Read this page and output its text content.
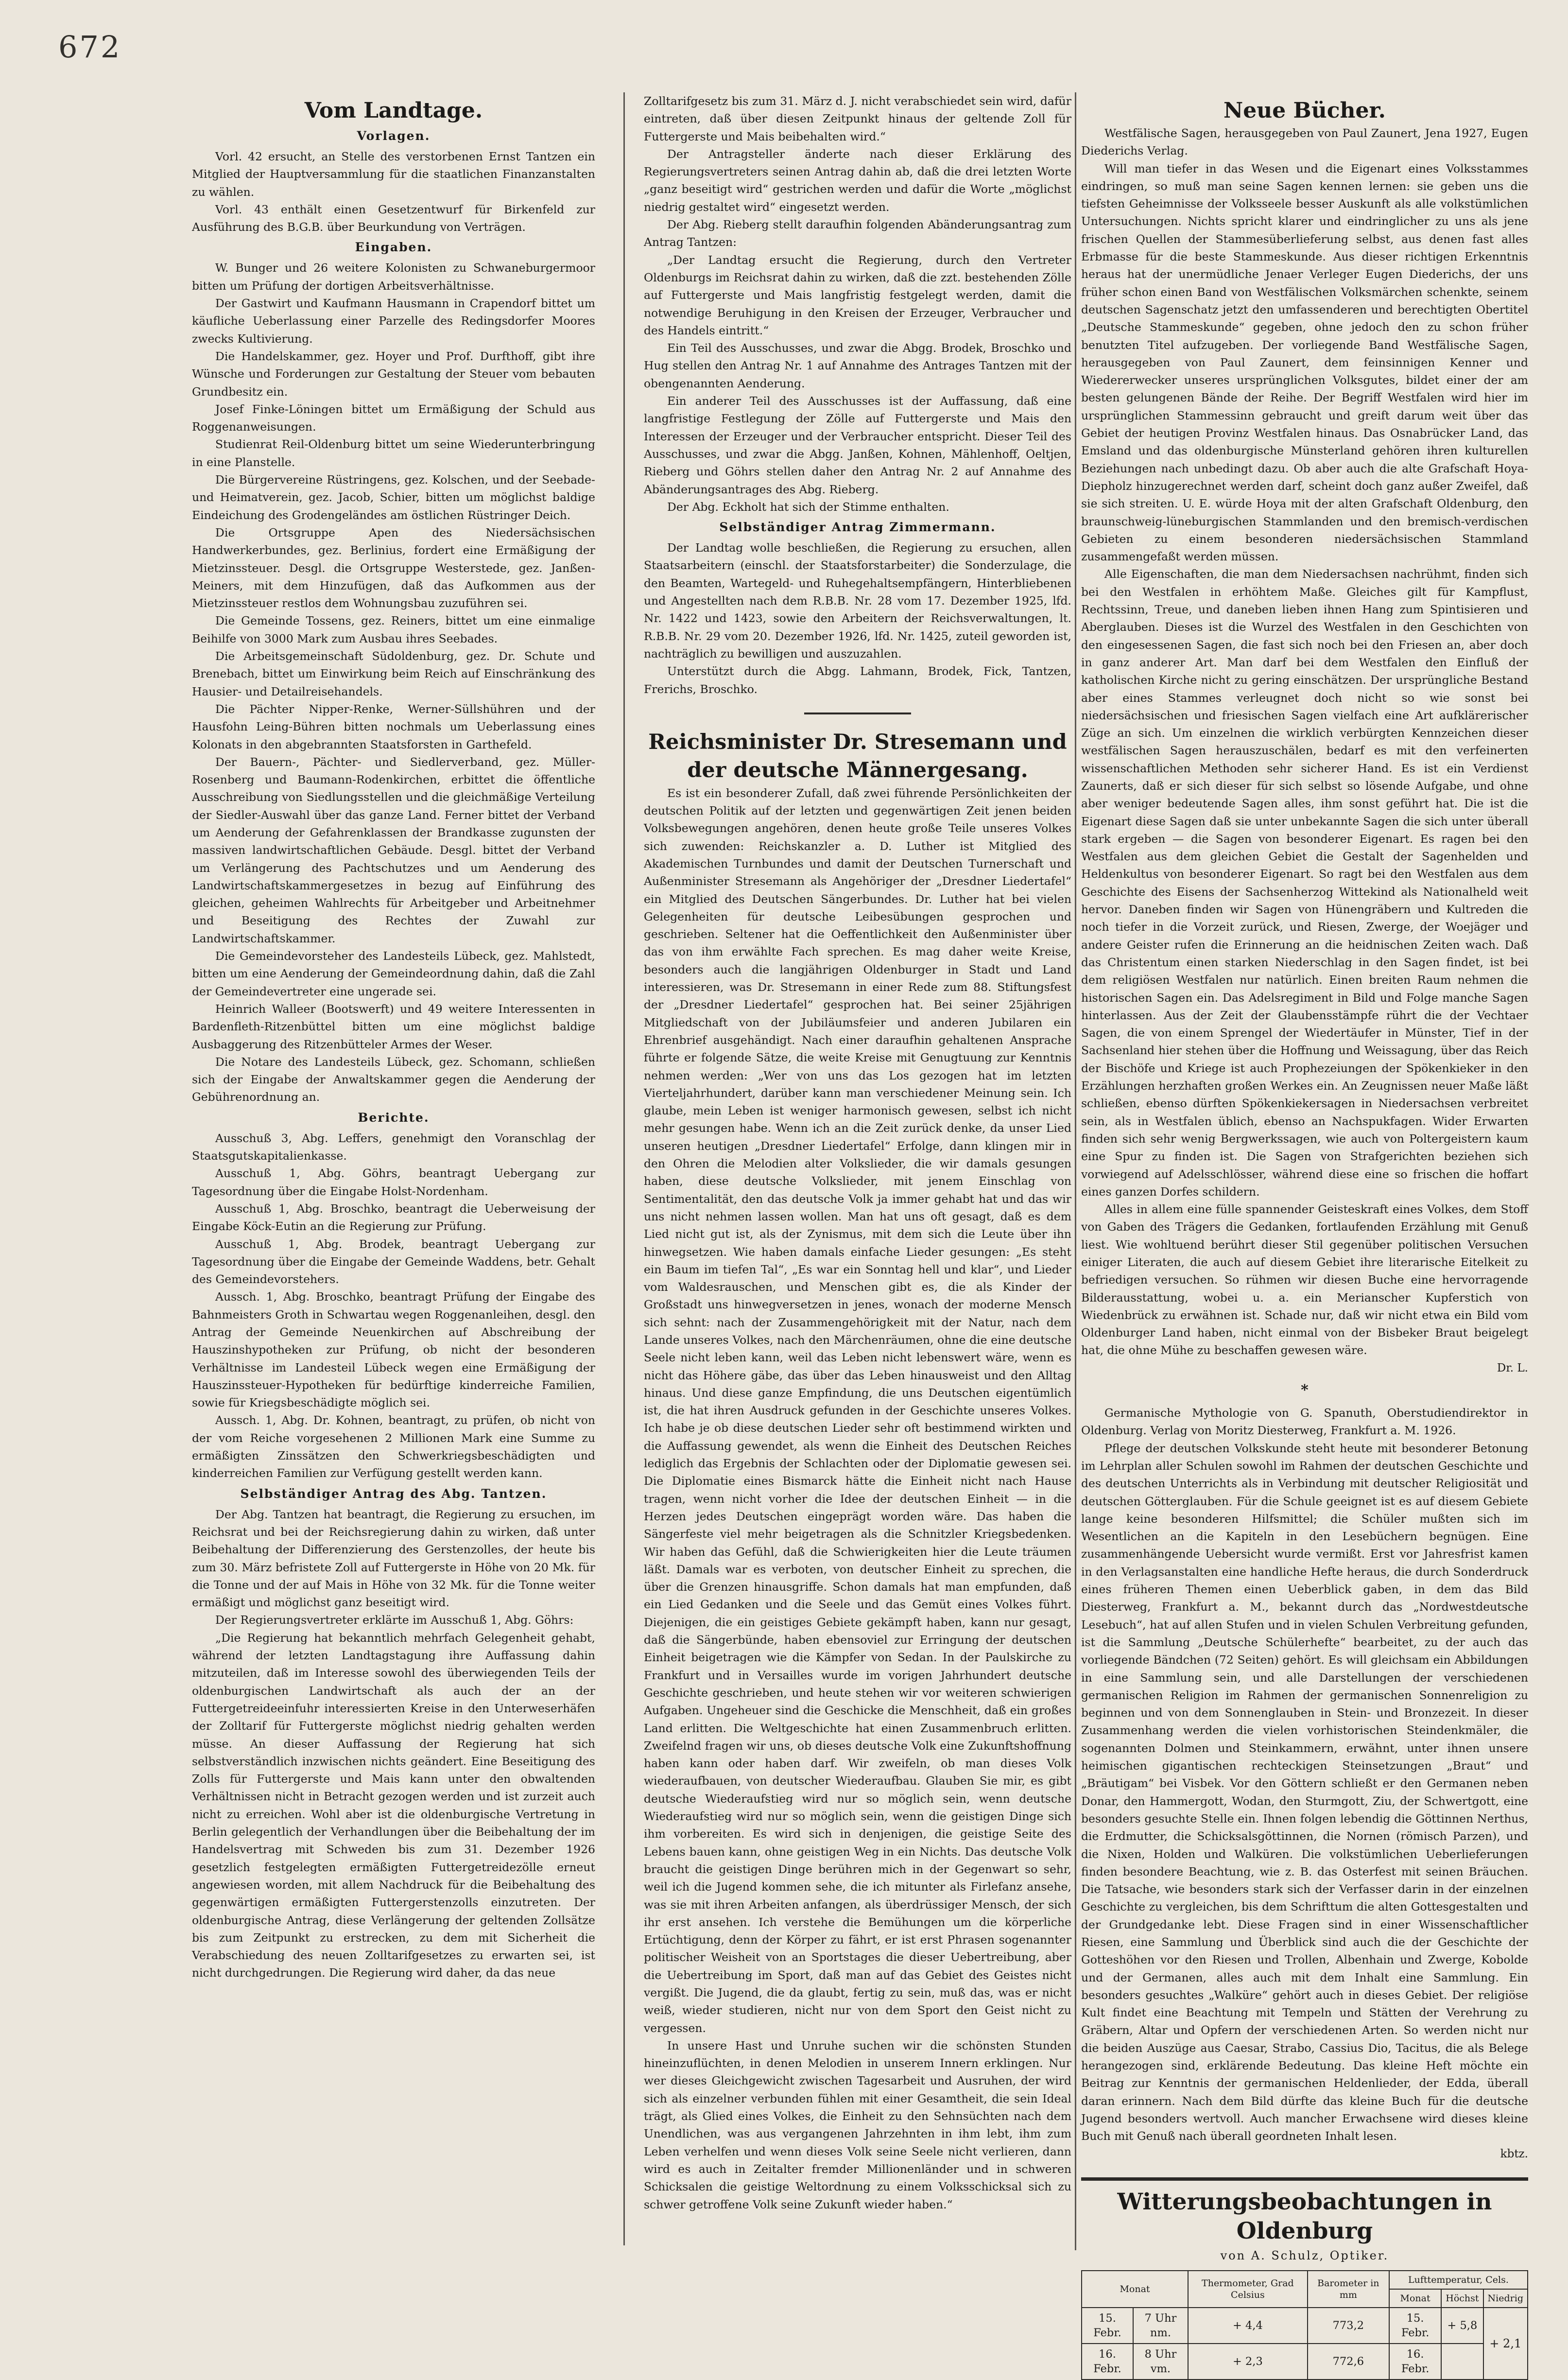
672
Vom Landtage.
Vorlagen.

Vorl. 42 ersucht, an Stelle des verstorbenen Ernst Tantzen ein Mitglied der Hauptversammlung für die staatlichen Finanzanstalten zu wählen.

Vorl. 43 enthält einen Gesetzentwurf für Birkenfeld zur Ausführung des B.G.B. über Beurkundung von Verträgen.

Eingaben.

W. Bunger und 26 weitere Kolonisten zu Schwaneburgermoor bitten um Prüfung der dortigen Arbeitsverhältnisse.

Der Gastwirt und Kaufmann Hausmann in Crapendorf bittet um käufliche Ueberlassung einer Parzelle des Redingsdorfer Moores zwecks Kultivierung.

Die Handelskammer, gez. Hoyer und Prof. Durfthoff, gibt ihre Wünsche und Forderungen zur Gestaltung der Steuer vom bebauten Grundbesitz ein.

Josef Finke-Löningen bittet um Ermäßigung der Schuld aus Roggenanweisungen.

Studienrat Reil-Oldenburg bittet um seine Wiederunterbringung in eine Planstelle.

Die Bürgervereine Rüstringens, gez. Kolschen, und der Seebade- und Heimatverein, gez. Jacob, Schier, bitten um möglichst baldige Eindeichung des Grodengeländes am östlichen Rüstringer Deich.

Die Ortsgruppe Apen des Niedersächsischen Handwerkerbundes, gez. Berlinius, fordert eine Ermäßigung der Mietzinssteuer. Desgl. die Ortsgruppe Westerstede, gez. Janßen-Meiners, mit dem Hinzufügen, daß das Aufkommen aus der Mietzinssteuer restlos dem Wohnungsbau zuzuführen sei.

Die Gemeinde Tossens, gez. Reiners, bittet um eine einmalige Beihilfe von 3000 Mark zum Ausbau ihres Seebades.

Die Arbeitsgemeinschaft Südoldenburg, gez. Dr. Schute und Brenebach, bittet um Einwirkung beim Reich auf Einschränkung des Hausier- und Detailreisehandels.

Die Pächter Nipper-Renke, Werner-Süllshühren und der Hausfohn Leing-Bühren bitten nochmals um Ueberlassung eines Kolonats in den abgebrannten Staatsforsten in Garthefeld.

Der Bauern-, Pächter- und Siedlerverband, gez. Müller-Rosenberg und Baumann-Rodenkirchen, erbittet die öffentliche Ausschreibung von Siedlungsstellen und die gleichmäßige Verteilung der Siedler-Auswahl über das ganze Land. Ferner bittet der Verband um Aenderung der Gefahrenklassen der Brandkasse zugunsten der massiven landwirtschaftlichen Gebäude. Desgl. bittet der Verband um Verlängerung des Pachtschutzes und um Aenderung des Landwirtschaftskammergesetzes in bezug auf Einführung des gleichen, geheimen Wahlrechts für Arbeitgeber und Arbeitnehmer und Beseitigung des Rechtes der Zuwahl zur Landwirtschaftskammer.

Die Gemeindevorsteher des Landesteils Lübeck, gez. Mahlstedt, bitten um eine Aenderung der Gemeindeordnung dahin, daß die Zahl der Gemeindevertreter eine ungerade sei.

Heinrich Walleer (Bootswerft) und 49 weitere Interessenten in Bardenfleth-Ritzenbüttel bitten um eine möglichst baldige Ausbaggerung des Ritzenbütteler Armes der Weser.

Die Notare des Landesteils Lübeck, gez. Schomann, schließen sich der Eingabe der Anwaltskammer gegen die Aenderung der Gebührenordnung an.

Berichte.

Ausschuß 3, Abg. Leffers, genehmigt den Voranschlag der Staatsgutskapitalienkasse.

Ausschuß 1, Abg. Göhrs, beantragt Uebergang zur Tagesordnung über die Eingabe Holst-Nordenham.

Ausschuß 1, Abg. Broschko, beantragt die Ueberweisung der Eingabe Köck-Eutin an die Regierung zur Prüfung.

Ausschuß 1, Abg. Brodek, beantragt Uebergang zur Tagesordnung über die Eingabe der Gemeinde Waddens, betr. Gehalt des Gemeindevorstehers.

Aussch. 1, Abg. Broschko, beantragt Prüfung der Eingabe des Bahnmeisters Groth in Schwartau wegen Roggenanleihen, desgl. den Antrag der Gemeinde Neuenkirchen auf Abschreibung der Hauszinshypotheken zur Prüfung, ob nicht der besonderen Verhältnisse im Landesteil Lübeck wegen eine Ermäßigung der Hauszinssteuer-Hypotheken für bedürftige kinderreiche Familien, sowie für Kriegsbeschädigte möglich sei.

Aussch. 1, Abg. Dr. Kohnen, beantragt, zu prüfen, ob nicht von der vom Reiche vorgesehenen 2 Millionen Mark eine Summe zu ermäßigten Zinssätzen den Schwerkriegsbeschädigten und kinderreichen Familien zur Verfügung gestellt werden kann.

Selbständiger Antrag des Abg. Tantzen.

Der Abg. Tantzen hat beantragt, die Regierung zu ersuchen, im Reichsrat und bei der Reichsregierung dahin zu wirken, daß unter Beibehaltung der Differenzierung des Gerstenzolles, der heute bis zum 30. März befristete Zoll auf Futtergerste in Höhe von 20 Mk. für die Tonne und der auf Mais in Höhe von 32 Mk. für die Tonne weiter ermäßigt und möglichst ganz beseitigt wird.

Der Regierungsvertreter erklärte im Ausschuß 1, Abg. Göhrs:

„Die Regierung hat bekanntlich mehrfach Gelegenheit gehabt, während der letzten Landtagstagung ihre Auffassung dahin mitzuteilen, daß im Interesse sowohl des überwiegenden Teils der oldenburgischen Landwirtschaft als auch der an der Futtergetreideeinfuhr interessierten Kreise in den Unterweserhäfen der Zolltarif für Futtergerste möglichst niedrig gehalten werden müsse. An dieser Auffassung der Regierung hat sich selbstverständlich inzwischen nichts geändert. Eine Beseitigung des Zolls für Futtergerste und Mais kann unter den obwaltenden Verhältnissen nicht in Betracht gezogen werden und ist zurzeit auch nicht zu erreichen. Wohl aber ist die oldenburgische Vertretung in Berlin gelegentlich der Verhandlungen über die Beibehaltung der im Handelsvertrag mit Schweden bis zum 31. Dezember 1926 gesetzlich festgelegten ermäßigten Futtergetreidezölle erneut angewiesen worden, mit allem Nachdruck für die Beibehaltung des gegenwärtigen ermäßigten Futtergerstenzolls einzutreten. Der oldenburgische Antrag, diese Verlängerung der geltenden Zollsätze bis zum Zeitpunkt zu erstrecken, zu dem mit Sicherheit die Verabschiedung des neuen Zolltarifgesetzes zu erwarten sei, ist nicht durchgedrungen. Die Regierung wird daher, da das neue

Zolltarifgesetz bis zum 31. März d. J. nicht verabschiedet sein wird, dafür eintreten, daß über diesen Zeitpunkt hinaus der geltende Zoll für Futtergerste und Mais beibehalten wird.“

Der Antragsteller änderte nach dieser Erklärung des Regierungsvertreters seinen Antrag dahin ab, daß die drei letzten Worte „ganz beseitigt wird“ gestrichen werden und dafür die Worte „möglichst niedrig gestaltet wird“ eingesetzt werden.

Der Abg. Rieberg stellt daraufhin folgenden Abänderungsantrag zum Antrag Tantzen:

„Der Landtag ersucht die Regierung, durch den Vertreter Oldenburgs im Reichsrat dahin zu wirken, daß die zzt. bestehenden Zölle auf Futtergerste und Mais langfristig festgelegt werden, damit die notwendige Beruhigung in den Kreisen der Erzeuger, Verbraucher und des Handels eintritt.“

Ein Teil des Ausschusses, und zwar die Abgg. Brodek, Broschko und Hug stellen den Antrag Nr. 1 auf Annahme des Antrages Tantzen mit der obengenannten Aenderung.

Ein anderer Teil des Ausschusses ist der Auffassung, daß eine langfristige Festlegung der Zölle auf Futtergerste und Mais den Interessen der Erzeuger und der Verbraucher entspricht. Dieser Teil des Ausschusses, und zwar die Abgg. Janßen, Kohnen, Mählenhoff, Oeltjen, Rieberg und Göhrs stellen daher den Antrag Nr. 2 auf Annahme des Abänderungsantrages des Abg. Rieberg.

Der Abg. Eckholt hat sich der Stimme enthalten.

Selbständiger Antrag Zimmermann.

Der Landtag wolle beschließen, die Regierung zu ersuchen, allen Staatsarbeitern (einschl. der Staatsforstarbeiter) die Sonderzulage, die den Beamten, Wartegeld- und Ruhegehaltsempfängern, Hinterbliebenen und Angestellten nach dem R.B.B. Nr. 28 vom 17. Dezember 1925, lfd. Nr. 1422 und 1423, sowie den Arbeitern der Reichsverwaltungen, lt. R.B.B. Nr. 29 vom 20. Dezember 1926, lfd. Nr. 1425, zuteil geworden ist, nachträglich zu bewilligen und auszuzahlen.

Unterstützt durch die Abgg. Lahmann, Brodek, Fick, Tantzen, Frerichs, Broschko.

Reichsminister Dr. Stresemann und der deutsche Männergesang.

Es ist ein besonderer Zufall, daß zwei führende Persönlichkeiten der deutschen Politik auf der letzten und gegenwärtigen Zeit jenen beiden Volksbewegungen angehören, denen heute große Teile unseres Volkes sich zuwenden: Reichskanzler a. D. Luther ist Mitglied des Akademischen Turnbundes und damit der Deutschen Turnerschaft und Außenminister Stresemann als Angehöriger der „Dresdner Liedertafel“ ein Mitglied des Deutschen Sängerbundes. Dr. Luther hat bei vielen Gelegenheiten für deutsche Leibesübungen gesprochen und geschrieben. Seltener hat die Oeffentlichkeit den Außenminister über das von ihm erwählte Fach sprechen. Es mag daher weite Kreise, besonders auch die langjährigen Oldenburger in Stadt und Land interessieren, was Dr. Stresemann in einer Rede zum 88. Stiftungsfest der „Dresdner Liedertafel“ gesprochen hat. Bei seiner 25jährigen Mitgliedschaft von der Jubiläumsfeier und anderen Jubilaren ein Ehrenbrief ausgehändigt. Nach einer daraufhin gehaltenen Ansprache führte er folgende Sätze, die weite Kreise mit Genugtuung zur Kenntnis nehmen werden: „Wer von uns das Los gezogen hat im letzten Vierteljahrhundert, darüber kann man verschiedener Meinung sein. Ich glaube, mein Leben ist weniger harmonisch gewesen, selbst ich nicht mehr gesungen habe. Wenn ich an die Zeit zurück denke, da unser Lied unseren heutigen „Dresdner Liedertafel“ Erfolge, dann klingen mir in den Ohren die Melodien alter Volkslieder, die wir damals gesungen haben, diese deutsche Volkslieder, mit jenem Einschlag von Sentimentalität, den das deutsche Volk ja immer gehabt hat und das wir uns nicht nehmen lassen wollen. Man hat uns oft gesagt, daß es dem Lied nicht gut ist, als der Zynismus, mit dem sich die Leute über ihn hinwegsetzen. Wie haben damals einfache Lieder gesungen: „Es steht ein Baum im tiefen Tal“, „Es war ein Sonntag hell und klar“, und Lieder vom Waldesrauschen, und Menschen gibt es, die als Kinder der Großstadt uns hinwegversetzen in jenes, wonach der moderne Mensch sich sehnt: nach der Zusammengehörigkeit mit der Natur, nach dem Lande unseres Volkes, nach den Märchenräumen, ohne die eine deutsche Seele nicht leben kann, weil das Leben nicht lebenswert wäre, wenn es nicht das Höhere gäbe, das über das Leben hinausweist und den Alltag hinaus. Und diese ganze Empfindung, die uns Deutschen eigentümlich ist, die hat ihren Ausdruck gefunden in der Geschichte unseres Volkes. Ich habe je ob diese deutschen Lieder sehr oft bestimmend wirkten und die Auffassung gewendet, als wenn die Einheit des Deutschen Reiches lediglich das Ergebnis der Schlachten oder der Diplomatie gewesen sei. Die Diplomatie eines Bismarck hätte die Einheit nicht nach Hause tragen, wenn nicht vorher die Idee der deutschen Einheit — in die Herzen jedes Deutschen eingeprägt worden wäre. Das haben die Sängerfeste viel mehr beigetragen als die Schnitzler Kriegsbedenken. Wir haben das Gefühl, daß die Schwierigkeiten hier die Leute träumen läßt. Damals war es verboten, von deutscher Einheit zu sprechen, die über die Grenzen hinausgriffe. Schon damals hat man empfunden, daß ein Lied Gedanken und die Seele und das Gemüt eines Volkes führt. Diejenigen, die ein geistiges Gebiete gekämpft haben, kann nur gesagt, daß die Sängerbünde, haben ebensoviel zur Erringung der deutschen Einheit beigetragen wie die Kämpfer von Sedan. In der Paulskirche zu Frankfurt und in Versailles wurde im vorigen Jahrhundert deutsche Geschichte geschrieben, und heute stehen wir vor weiteren schwierigen Aufgaben. Ungeheuer sind die Geschicke die Menschheit, daß ein großes Land erlitten. Die Weltgeschichte hat einen Zusammenbruch erlitten. Zweifelnd fragen wir uns, ob dieses deutsche Volk eine Zukunftshoffnung haben kann oder haben darf. Wir zweifeln, ob man dieses Volk wiederaufbauen, von deutscher Wiederaufbau. Glauben Sie mir, es gibt deutsche Wiederaufstieg wird nur so möglich sein, wenn deutsche Wiederaufstieg wird nur so möglich sein, wenn die geistigen Dinge sich ihm vorbereiten. Es wird sich in denjenigen, die geistige Seite des Lebens bauen kann, ohne geistigen Weg in ein Nichts. Das deutsche Volk braucht die geistigen Dinge berühren mich in der Gegenwart so sehr, weil ich die Jugend kommen sehe, die ich mitunter als Firlefanz ansehe, was sie mit ihren Arbeiten anfangen, als überdrüssiger Mensch, der sich ihr erst ansehen. Ich verstehe die Bemühungen um die körperliche Ertüchtigung, denn der Körper zu fährt, er ist erst Phrasen sogenannter politischer Weisheit von an Sportstages die dieser Uebertreibung, aber die Uebertreibung im Sport, daß man auf das Gebiet des Geistes nicht vergißt. Die Jugend, die da glaubt, fertig zu sein, muß das, was er nicht weiß, wieder studieren, nicht nur von dem Sport den Geist nicht zu vergessen.

In unsere Hast und Unruhe suchen wir die schönsten Stunden hineinzuflüchten, in denen Melodien in unserem Innern erklingen. Nur wer dieses Gleichgewicht zwischen Tagesarbeit und Ausruhen, der wird sich als einzelner verbunden fühlen mit einer Gesamtheit, die sein Ideal trägt, als Glied eines Volkes, die Einheit zu den Sehnsüchten nach dem Unendlichen, was aus vergangenen Jahrzehnten in ihm lebt, ihm zum Leben verhelfen und wenn dieses Volk seine Seele nicht verlieren, dann wird es auch in Zeitalter fremder Millionenländer und in schweren Schicksalen die geistige Weltordnung zu einem Volksschicksal sich zu schwer getroffene Volk seine Zukunft wieder haben.“

Neue Bücher.

Westfälische Sagen, herausgegeben von Paul Zaunert, Jena 1927, Eugen Diederichs Verlag.

Will man tiefer in das Wesen und die Eigenart eines Volksstammes eindringen, so muß man seine Sagen kennen lernen: sie geben uns die tiefsten Geheimnisse der Volksseele besser Auskunft als alle volkstümlichen Untersuchungen. Nichts spricht klarer und eindringlicher zu uns als jene frischen Quellen der Stammesüberlieferung selbst, aus denen fast alles Erbmasse für die beste Stammeskunde. Aus dieser richtigen Erkenntnis heraus hat der unermüdliche Jenaer Verleger Eugen Diederichs, der uns früher schon einen Band von Westfälischen Volksmärchen schenkte, seinem deutschen Sagenschatz jetzt den umfassenderen und berechtigten Obertitel „Deutsche Stammeskunde“ gegeben, ohne jedoch den zu schon früher benutzten Titel aufzugeben. Der vorliegende Band Westfälische Sagen, herausgegeben von Paul Zaunert, dem feinsinnigen Kenner und Wiedererwecker unseres ursprünglichen Volksgutes, bildet einer der am besten gelungenen Bände der Reihe. Der Begriff Westfalen wird hier im ursprünglichen Stammessinn gebraucht und greift darum weit über das Gebiet der heutigen Provinz Westfalen hinaus. Das Osnabrücker Land, das Emsland und das oldenburgische Münsterland gehören ihren kulturellen Beziehungen nach unbedingt dazu. Ob aber auch die alte Grafschaft Hoya-Diepholz hinzugerechnet werden darf, scheint doch ganz außer Zweifel, daß sie sich streiten. U. E. würde Hoya mit der alten Grafschaft Oldenburg, den braunschweig-lüneburgischen Stammlanden und den bremisch-verdischen Gebieten zu einem besonderen niedersächsischen Stammland zusammengefaßt werden müssen.

Alle Eigenschaften, die man dem Niedersachsen nachrühmt, finden sich bei den Westfalen in erhöhtem Maße. Gleiches gilt für Kampflust, Rechtssinn, Treue, und daneben lieben ihnen Hang zum Spintisieren und Aberglauben. Dieses ist die Wurzel des Westfalen in den Geschichten von den eingesessenen Sagen, die fast sich noch bei den Friesen an, aber doch in ganz anderer Art. Man darf bei dem Westfalen den Einfluß der katholischen Kirche nicht zu gering einschätzen. Der ursprüngliche Bestand aber eines Stammes verleugnet doch nicht so wie sonst bei niedersächsischen und friesischen Sagen vielfach eine Art aufklärerischer Züge an sich. Um einzelnen die wirklich verbürgten Kennzeichen dieser westfälischen Sagen herauszuschälen, bedarf es mit den verfeinerten wissenschaftlichen Methoden sehr sicherer Hand. Es ist ein Verdienst Zaunerts, daß er sich dieser für sich selbst so lösende Aufgabe, und ohne aber weniger bedeutende Sagen alles, ihm sonst geführt hat. Die ist die Eigenart diese Sagen daß sie unter unbekannte Sagen die sich unter überall stark ergeben — die Sagen von besonderer Eigenart. Es ragen bei den Westfalen aus dem gleichen Gebiet die Gestalt der Sagenhelden und Heldenkultus von besonderer Eigenart. So ragt bei den Westfalen aus dem Geschichte des Eisens der Sachsenherzog Wittekind als Nationalheld weit hervor. Daneben finden wir Sagen von Hünengräbern und Kultreden die noch tiefer in die Vorzeit zurück, und Riesen, Zwerge, der Woejäger und andere Geister rufen die Erinnerung an die heidnischen Zeiten wach. Daß das Christentum einen starken Niederschlag in den Sagen findet, ist bei dem religiösen Westfalen nur natürlich. Einen breiten Raum nehmen die historischen Sagen ein. Das Adelsregiment in Bild und Folge manche Sagen hinterlassen. Aus der Zeit der Glaubensstämpfe rührt die der Vechtaer Sagen, die von einem Sprengel der Wiedertäufer in Münster, Tief in der Sachsenland hier stehen über die Hoffnung und Weissagung, über das Reich der Bischöfe und Kriege ist auch Prophezeiungen der Spökenkieker in den Erzählungen herzhaften großen Werkes ein. An Zeugnissen neuer Maße läßt schließen, ebenso dürften Spökenkiekersagen in Niedersachsen verbreitet sein, als in Westfalen üblich, ebenso an Nachspukfagen. Wider Erwarten finden sich sehr wenig Bergwerkssagen, wie auch von Poltergeistern kaum eine Spur zu finden ist. Die Sagen von Strafgerichten beziehen sich vorwiegend auf Adelsschlösser, während diese eine so frischen die hoffart eines ganzen Dorfes schildern.

Alles in allem eine fülle spannender Geisteskraft eines Volkes, dem Stoff von Gaben des Trägers die Gedanken, fortlaufenden Erzählung mit Genuß liest. Wie wohltuend berührt dieser Stil gegenüber politischen Versuchen einiger Literaten, die auch auf diesem Gebiet ihre literarische Eitelkeit zu befriedigen versuchen. So rühmen wir diesen Buche eine hervorragende Bilderausstattung, wobei u. a. ein Merianscher Kupferstich von Wiedenbrück zu erwähnen ist. Schade nur, daß wir nicht etwa ein Bild vom Oldenburger Land haben, nicht einmal von der Bisbeker Braut beigelegt hat, die ohne Mühe zu beschaffen gewesen wäre.

Dr. L.
*

Germanische Mythologie von G. Spanuth, Oberstudiendirektor in Oldenburg. Verlag von Moritz Diesterweg, Frankfurt a. M. 1926.

Pflege der deutschen Volkskunde steht heute mit besonderer Betonung im Lehrplan aller Schulen sowohl im Rahmen der deutschen Geschichte und des deutschen Unterrichts als in Verbindung mit deutscher Religiosität und deutschen Götterglauben. Für die Schule geeignet ist es auf diesem Gebiete lange keine besonderen Hilfsmittel; die Schüler mußten sich im Wesentlichen an die Kapiteln in den Lesebüchern begnügen. Eine zusammenhängende Uebersicht wurde vermißt. Erst vor Jahresfrist kamen in den Verlagsanstalten eine handliche Hefte heraus, die durch Sonderdruck eines früheren Themen einen Ueberblick gaben, in dem das Bild Diesterweg, Frankfurt a. M., bekannt durch das „Nordwestdeutsche Lesebuch“, hat auf allen Stufen und in vielen Schulen Verbreitung gefunden, ist die Sammlung „Deutsche Schülerhefte“ bearbeitet, zu der auch das vorliegende Bändchen (72 Seiten) gehört. Es will gleichsam ein Abbildungen in eine Sammlung sein, und alle Darstellungen der verschiedenen germanischen Religion im Rahmen der germanischen Sonnenreligion zu beginnen und von dem Sonnenglauben in Stein- und Bronzezeit. In dieser Zusammenhang werden die vielen vorhistorischen Steindenkmäler, die sogenannten Dolmen und Steinkammern, erwähnt, unter ihnen unsere heimischen gigantischen rechteckigen Steinsetzungen „Braut“ und „Bräutigam“ bei Visbek. Vor den Göttern schließt er den Germanen neben Donar, den Hammergott, Wodan, den Sturmgott, Ziu, der Schwertgott, eine besonders gesuchte Stelle ein. Ihnen folgen lebendig die Göttinnen Nerthus, die Erdmutter, die Schicksalsgöttinnen, die Nornen (römisch Parzen), und die Nixen, Holden und Walküren. Die volkstümlichen Ueberlieferungen finden besondere Beachtung, wie z. B. das Osterfest mit seinen Bräuchen. Die Tatsache, wie besonders stark sich der Verfasser darin in der einzelnen Geschichte zu vergleichen, bis dem Schrifttum die alten Gottesgestalten und der Grundgedanke lebt. Diese Fragen sind in einer Wissenschaftlicher Riesen, eine Sammlung und Überblick sind auch die der Geschichte der Gotteshöhen vor den Riesen und Trollen, Albenhain und Zwerge, Kobolde und der Germanen, alles auch mit dem Inhalt eine Sammlung. Ein besonders gesuchtes „Walküre“ gehört auch in dieses Gebiet. Der religiöse Kult findet eine Beachtung mit Tempeln und Stätten der Verehrung zu Gräbern, Altar und Opfern der verschiedenen Arten. So werden nicht nur die beiden Auszüge aus Caesar, Strabo, Cassius Dio, Tacitus, die als Belege herangezogen sind, erklärende Bedeutung. Das kleine Heft möchte ein Beitrag zur Kenntnis der germanischen Heldenlieder, der Edda, überall daran erinnern. Nach dem Bild dürfte das kleine Buch für die deutsche Jugend besonders wertvoll. Auch mancher Erwachsene wird dieses kleine Buch mit Genuß nach überall geordneten Inhalt lesen.

kbtz.
Witterungsbeobachtungen in Oldenburg
von A. Schulz, Optiker.
Monat		Thermometer, Grad Celsius	Barometer in mm	Lufttemperatur, Cels.		
				Monat	Höchst	Niedrig
15. Febr.	7 Uhr nm.	+ 4,4	773,2	15. Febr.	+ 5,8	+ 2,1
16. Febr.	8 Uhr vm.	+ 2,3	772,6	16. Febr.		
